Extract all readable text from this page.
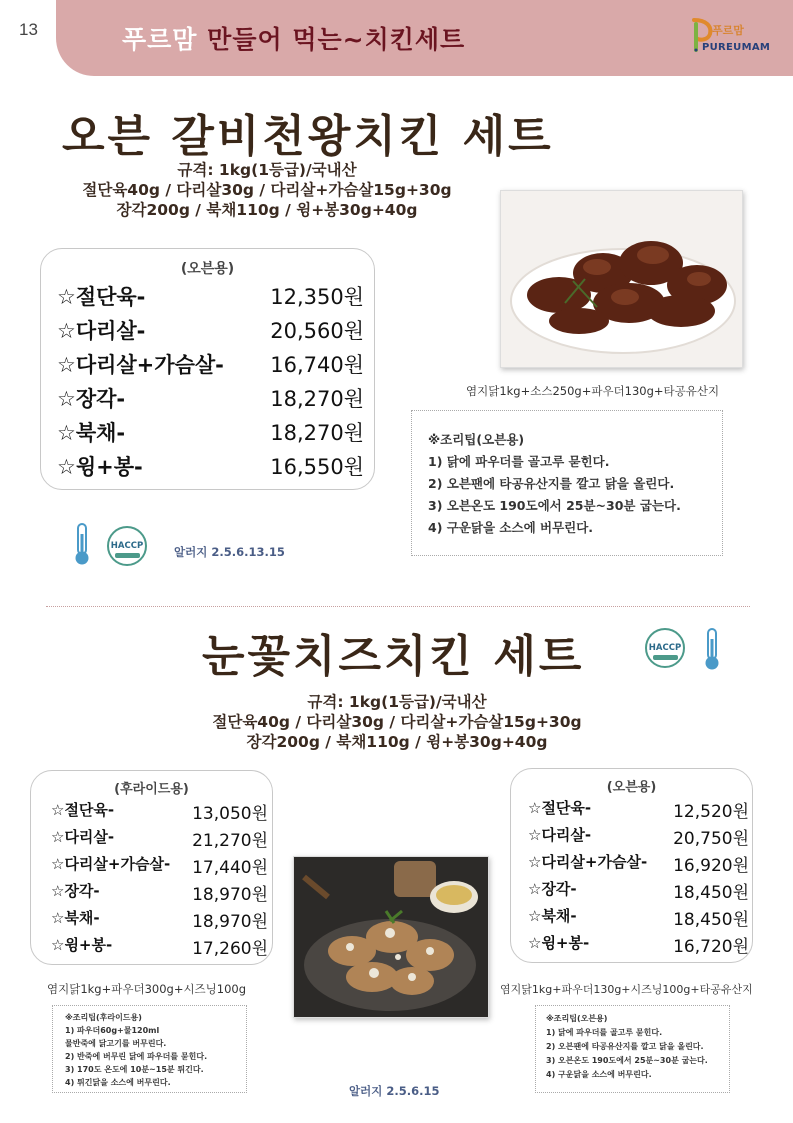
13	푸르맘 만들어 먹는~치킨세트	푸르맘
PUREUMAM
오븐 갈비천왕치킨 세트
규격: 1kg(1등급)/국내산
절단육40g / 다리살30g / 다리살+가슴살15g+30g
장각200g / 북채110g / 윙+봉30g+40g
(오븐용)
☆절단육-	12,350원
☆다리살-	20,560원
☆다리살+가슴살- 16,740원
☆장각-	18,270원
☆북채-	18,270원
☆윙+봉-	16,550원
HACCP	알러지 2.5.6.13.15
염지닭1kg+소스250g+파우더130g+타공유산지
※조리팁(오븐용)
1) 닭에 파우더를 골고루 묻힌다.
2) 오븐팬에 타공유산지를 깔고 닭을 올린다.
3) 오븐온도 190도에서 25분~30분 굽는다.
4) 구운닭을 소스에 버무린다.
눈꽃치즈치킨 세트	HACCP
규격: 1kg(1등급)/국내산
절단육40g / 다리살30g / 다리살+가슴살15g+30g
장각200g / 북채110g / 윙+봉30g+40g
(후라이드용)
☆절단육-	13,050원
☆다리살-	21,270원
☆다리살+가슴살- 17,440원
☆장각-	18,970원
☆북채-	18,970원
☆윙+봉-	17,260원
염지닭1kg+파우더300g+시즈닝100g
※조리팁(후라이드용)
1) 파우더60g+물120ml
물반죽에 닭고기를 버무린다.
2) 반죽에 버무린 닭에 파우더를 묻힌다.
3) 170도 온도에 10분~15분 튀긴다.
4) 튀긴닭을 소스에 버무린다.
알러지 2.5.6.15
(오븐용)
☆절단육-	12,520원
☆다리살-	20,750원
☆다리살+가슴살- 16,920원
☆장각-	18,450원
☆북채-	18,450원
☆윙+봉-	16,720원
염지닭1kg+파우더130g+시즈닝100g+타공유산지
※조리팁(오븐용)
1) 닭에 파우더를 골고루 묻힌다.
2) 오븐팬에 타공유산지를 깔고 닭을 올린다.
3) 오븐온도 190도에서 25분~30분 굽는다.
4) 구운닭을 소스에 버무린다.
